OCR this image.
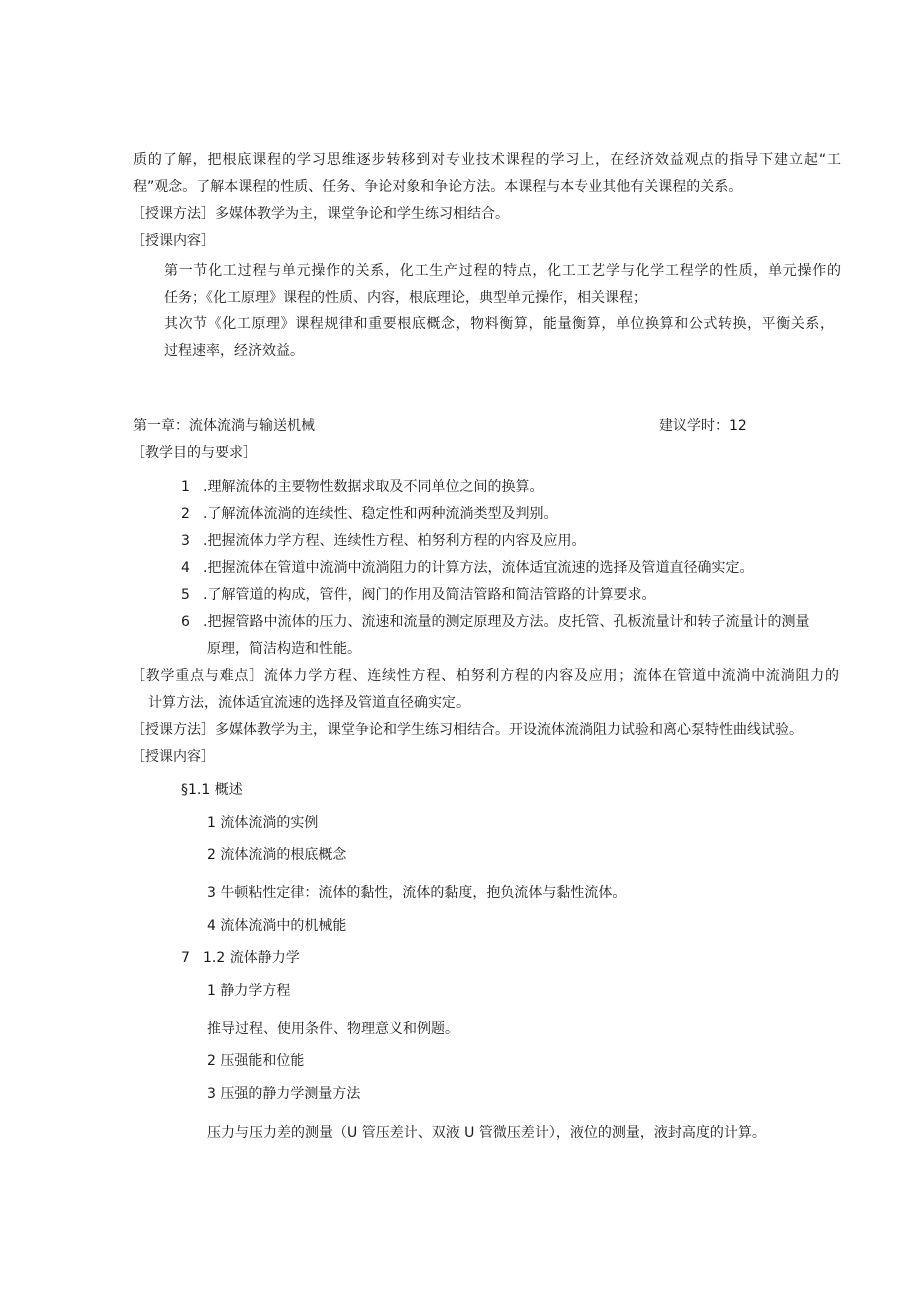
质的了解，把根底课程的学习思维逐步转移到对专业技术课程的学习上，在经济效益观点的指导下建立起“工
程”观念。了解本课程的性质、任务、争论对象和争论方法。本课程与本专业其他有关课程的关系。
［授课方法］多媒体教学为主，课堂争论和学生练习相结合。
［授课内容］
第一节化工过程与单元操作的关系，化工生产过程的特点，化工工艺学与化学工程学的性质，单元操作的
任务；《化工原理》课程的性质、内容，根底理论，典型单元操作，相关课程；
其次节《化工原理》课程规律和重要根底概念，物料衡算，能量衡算，单位换算和公式转换，平衡关系，
过程速率，经济效益。
第一章：流体流淌与输送机械	建议学时：12
［教学目的与要求］
1 .理解流体的主要物性数据求取及不同单位之间的换算。
2 .了解流体流淌的连续性、稳定性和两种流淌类型及判别。
3 .把握流体力学方程、连续性方程、柏努利方程的内容及应用。
4 .把握流体在管道中流淌中流淌阻力的计算方法，流体适宜流速的选择及管道直径确实定。
5 .了解管道的构成，管件，阀门的作用及简洁管路和简洁管路的计算要求。
6 .把握管路中流体的压力、流速和流量的测定原理及方法。皮托管、孔板流量计和转子流量计的测量
原理，简洁构造和性能。
［教学重点与难点］流体力学方程、连续性方程、柏努利方程的内容及应用；流体在管道中流淌中流淌阻力的
计算方法，流体适宜流速的选择及管道直径确实定。
［授课方法］多媒体教学为主，课堂争论和学生练习相结合。开设流体流淌阻力试验和离心泵特性曲线试验。
［授课内容］
§1.1 概述
1 流体流淌的实例
2 流体流淌的根底概念
3 牛顿粘性定律：流体的黏性，流体的黏度，抱负流体与黏性流体。
4 流体流淌中的机械能
7 1.2 流体静力学
1 静力学方程
推导过程、使用条件、物理意义和例题。
2 压强能和位能
3 压强的静力学测量方法
压力与压力差的测量（U 管压差计、双液 U 管微压差计），液位的测量，液封高度的计算。
